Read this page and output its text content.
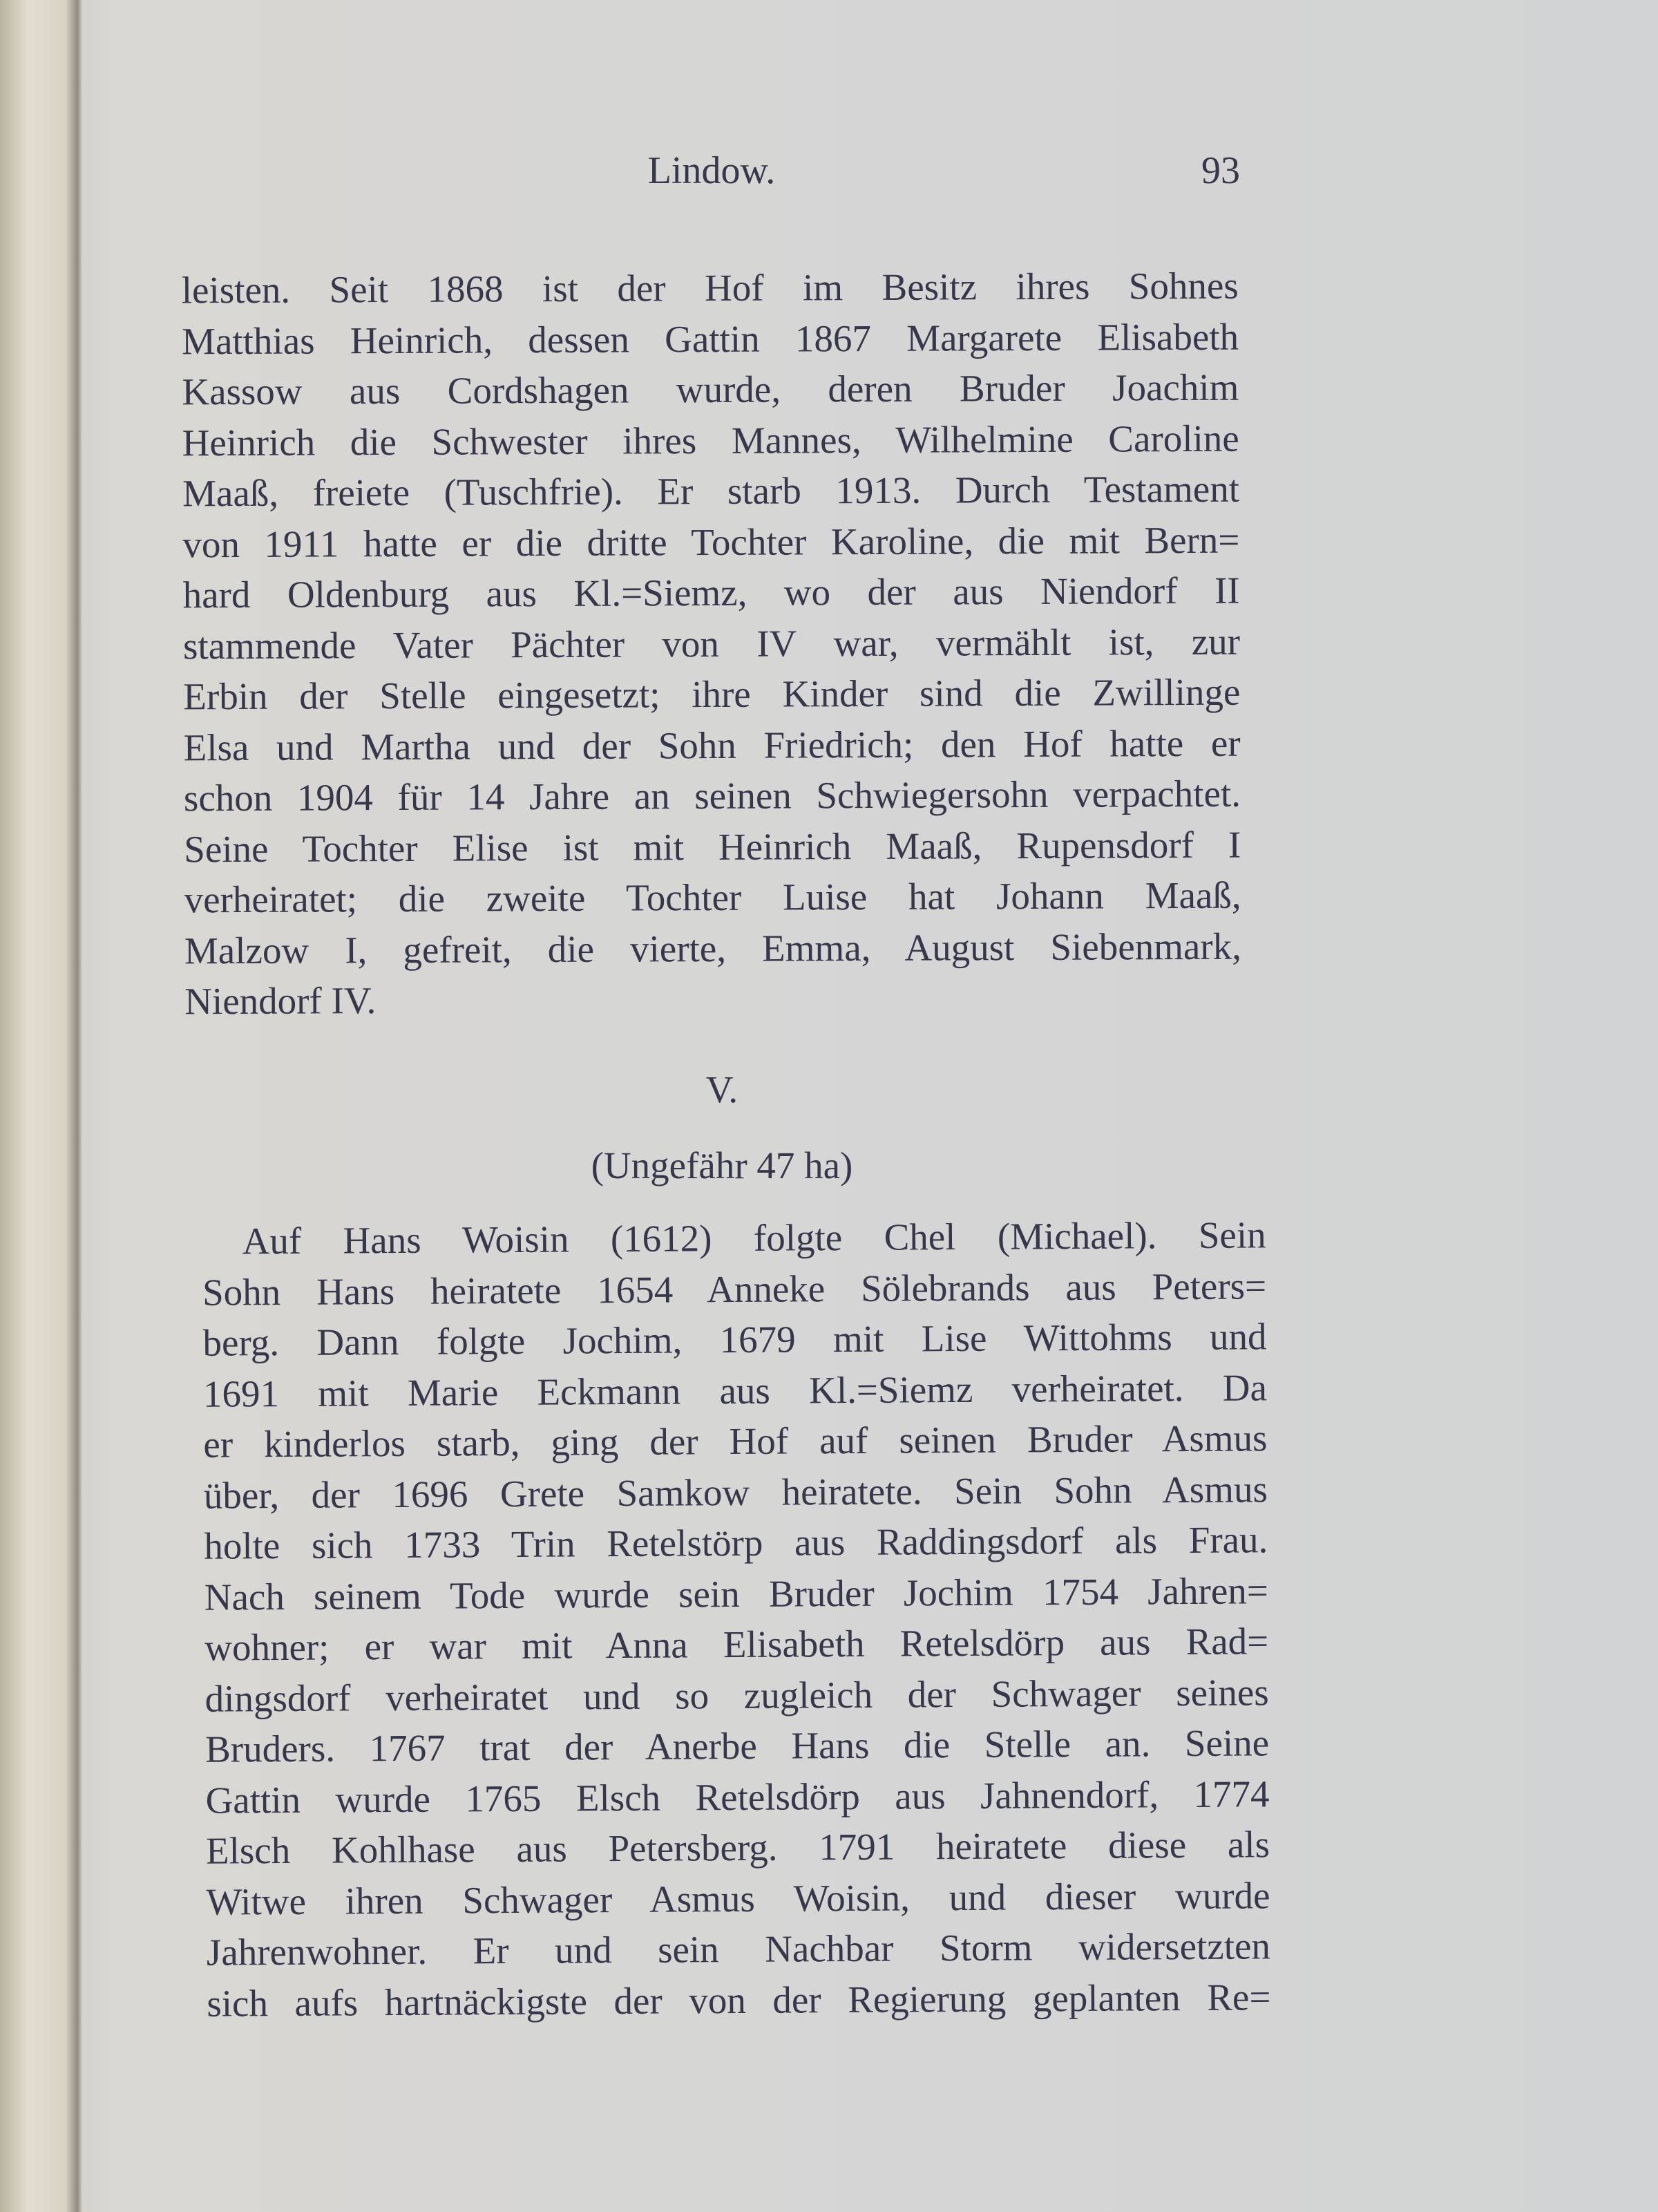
Lindow.	93
leisten. Seit 1868 ist der Hof im Besitz ihres Sohnes
Matthias Heinrich, dessen Gattin 1867 Margarete Elisabeth
Kassow aus Cordshagen wurde, deren Bruder Joachim
Heinrich die Schwester ihres Mannes, Wilhelmine Caroline
Maaß, freiete (Tuschfrie). Er starb 1913. Durch Testament
von 1911 hatte er die dritte Tochter Karoline, die mit Bern=
hard Oldenburg aus Kl.=Siemz, wo der aus Niendorf II
stammende Vater Pächter von IV war, vermählt ist, zur
Erbin der Stelle eingesetzt; ihre Kinder sind die Zwillinge
Elsa und Martha und der Sohn Friedrich; den Hof hatte er
schon 1904 für 14 Jahre an seinen Schwiegersohn verpachtet.
Seine Tochter Elise ist mit Heinrich Maaß, Rupensdorf I
verheiratet; die zweite Tochter Luise hat Johann Maaß,
Malzow I, gefreit, die vierte, Emma, August Siebenmark,
Niendorf IV.
V.
(Ungefähr 47 ha)
Auf Hans Woisin (1612) folgte Chel (Michael). Sein
Sohn Hans heiratete 1654 Anneke Sölebrands aus Peters=
berg. Dann folgte Jochim, 1679 mit Lise Wittohms und
1691 mit Marie Eckmann aus Kl.=Siemz verheiratet. Da
er kinderlos starb, ging der Hof auf seinen Bruder Asmus
über, der 1696 Grete Samkow heiratete. Sein Sohn Asmus
holte sich 1733 Trin Retelstörp aus Raddingsdorf als Frau.
Nach seinem Tode wurde sein Bruder Jochim 1754 Jahren=
wohner; er war mit Anna Elisabeth Retelsdörp aus Rad=
dingsdorf verheiratet und so zugleich der Schwager seines
Bruders. 1767 trat der Anerbe Hans die Stelle an. Seine
Gattin wurde 1765 Elsch Retelsdörp aus Jahnendorf, 1774
Elsch Kohlhase aus Petersberg. 1791 heiratete diese als
Witwe ihren Schwager Asmus Woisin, und dieser wurde
Jahrenwohner. Er und sein Nachbar Storm widersetzten
sich aufs hartnäckigste der von der Regierung geplanten Re=
